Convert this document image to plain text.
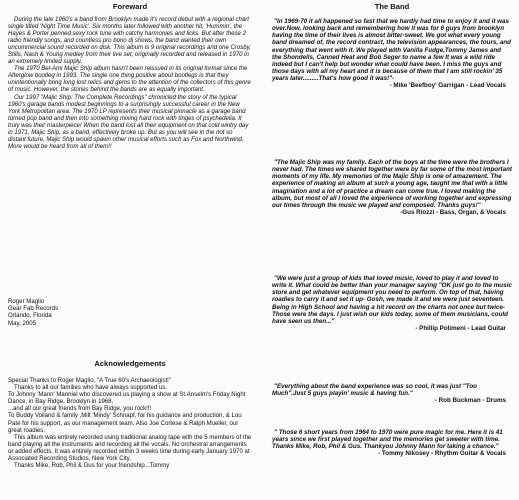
Foreward

During the late 1960's a band from Brooklyn made it's record debut with a regional chart single titled 'Night Time Music'. Six months later followed with another hit, 'Hummin', the Hayes & Porter penned sexy rock tune with catchy harmonies and licks. But after these 2 radio friendly songs, and countless pro bono dj shows, the band wanted their own uncommercial sound recorded on disk. This album is 9 original recordings and one Crosby, Stills, Nash & Young medley from their live set, originally recorded and released in 1970 in an extremely limited supply.

The 1970 Bel-Ami Majic Ship album hasn't been reissued in its original format since the Afterglow bootleg in 1993. The single one thing positive about bootlegs is that they unintentionally bring long lost relics and gems to the attention of the collectors of this genre of music. However, the stories behind the bands are as equally important.

Our 1997 "Majic Ship: The Complete Recordings" chronicled the story of the typical 1960's garage bands modest beginnings to a surprisingly successful career in the New York Metropolitan area. The 1970 LP represents their musical pinnacle as a garage band turned pop band and then into something mixing hard rock with tinges of psychedelia. It truly was their masterpiece! When the band lost all their equipment on that cold wintry day in 1971, Majic Ship, as a band, effectively broke up. But as you will see in the not so distant future, Majic Ship would spawn other musical efforts such as Fox and Northwind. More would be heard from all of them!!

Roger Maglio
Gear Fab Records
Orlando, Florida
May, 2005
Acknowledgements

Special Thanks to Roger Maglio, "A True 60's Archaeologist!"

Thanks to all our families who have always supported us.

To Johnny 'Mann' Manniel who discovered us playing a show at St.Anselm's Friday Night Dance, in Bay Ridge, Brooklyn in 1968.

...and all our great friends from Bay Ridge, you rock!!!

To Buddy Voiland & family ,Milt 'Mindy' Schnapf, for his guidance and production, & Lou Pate for his support, as our management team. Also Joe Cortese & Ralph Mueller, our great roadies.

This album was entirely recorded using traditional analog tape with the 5 members of the band playing all the instruments and recording all the vocals. No orchestral arrangements or added effects. It was entirely recorded within 3 weeks time during early January 1970 at Associated Recording Studios, New York City.

Thanks Mike, Rob, Phil & Gus for your friendship...Tommy

The Band

"In 1969-70 it all happened so fast that we hardly had time to enjoy it and it was over.Now, looking back and remembering how it was for 6 guys from brooklyn having the time of their lives is almost bitter-sweet. We got what every young band dreamed of, the record contract, the television appearances, the tours, and everything that went with it. We played with Vanilla Fudge,Tommy James and the Shondells, Canned Heat and Bob Seger to name a few It was a wild ride indeed but I can't help but wonder what could have been. I miss the guys and those days with all my heart and it is because of them that I am still rockin' 35 years later.........That's how good it was!"-

- Mike 'Beefboy' Garrigan - Lead Vocals

"The Majic Ship was my family. Each of the boys at the time were the brothers I never had. The times we shared together were by far some of the most important moments of my life. My memories of the Majic Ship is one of amazement. The experience of making an album at such a young age, taught me that with a little imagination and a lot of practice a dream can come true. I loved making the album, but most of all I loved the experience of working together and expressing our times through the music we played and composed. Thanks guys!"

-Gus Riozzi - Bass, Organ, & Vocals

"We were just a group of kids that loved music, loved to play it and loved to write it. What could be better than your manager saying "OK just go to the music store and get whatever equipment you need to perform. On top of that, having roadies to carry it and set it up- Gosh, we made it and we were just seventeen. Being in High School and having a hit record on the charts not once but twice- Those were the days. I just wish our kids today, some of them musicians, could have seen us then..."

- Phillip Polimeni - Lead Guitar

"Everything about the band experience was so cool, it was just "Too Much".Just 5 guys playin' music & having fun."

- Rob Buckman - Drums

" Those 6 short years from 1964 to 1970 were pure magic for me. Here it is 41 years since we first played together and the memories get sweeter with time. Thanks Mike, Rob, Phil & Gus. Thankyou Johnny Mann for taking a chance."

- Tommy Nikosey - Rhythm Guitar & Vocals
